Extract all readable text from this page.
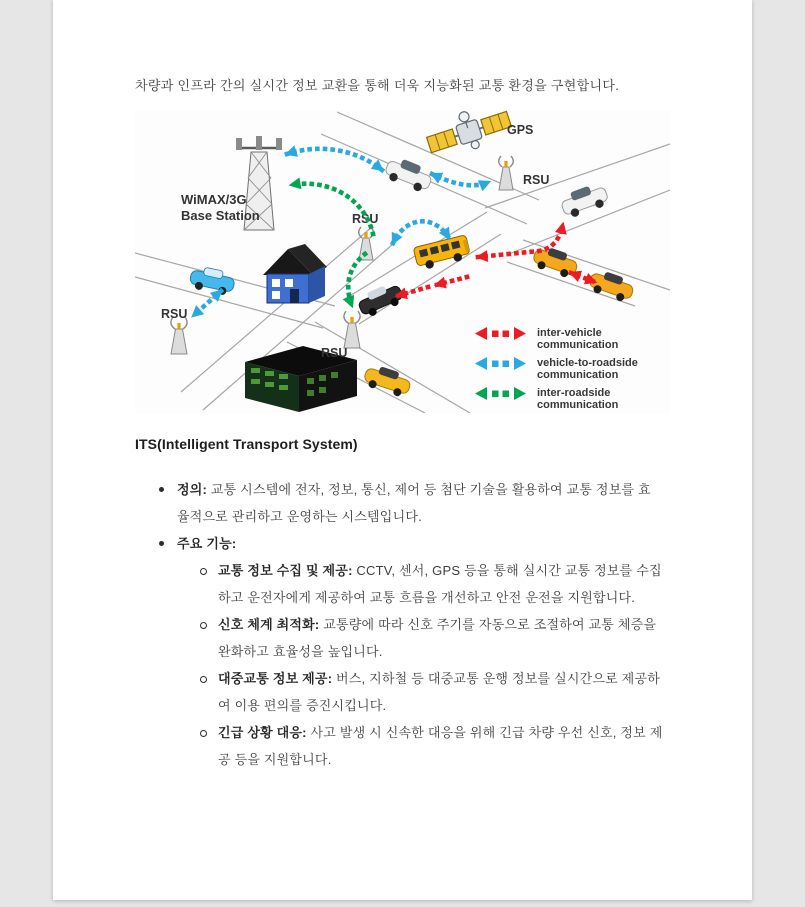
차량과 인프라 간의 실시간 정보 교환을 통해 더욱 지능화된 교통 환경을 구현합니다.

WiMAX/3G
Base Station
GPS
RSU
RSU
RSU
RSU
inter-vehicle
communication
vehicle-to-roadside
communication
inter-roadside
communication
ITS(Intelligent Transport System)
정의: 교통 시스템에 전자, 정보, 통신, 제어 등 첨단 기술을 활용하여 교통 정보를 효율적으로 관리하고 운영하는 시스템입니다.
주요 기능:
교통 정보 수집 및 제공: CCTV, 센서, GPS 등을 통해 실시간 교통 정보를 수집하고 운전자에게 제공하여 교통 흐름을 개선하고 안전 운전을 지원합니다.
신호 체계 최적화: 교통량에 따라 신호 주기를 자동으로 조절하여 교통 체증을 완화하고 효율성을 높입니다.
대중교통 정보 제공: 버스, 지하철 등 대중교통 운행 정보를 실시간으로 제공하여 이용 편의를 증진시킵니다.
긴급 상황 대응: 사고 발생 시 신속한 대응을 위해 긴급 차량 우선 신호, 정보 제공 등을 지원합니다.
